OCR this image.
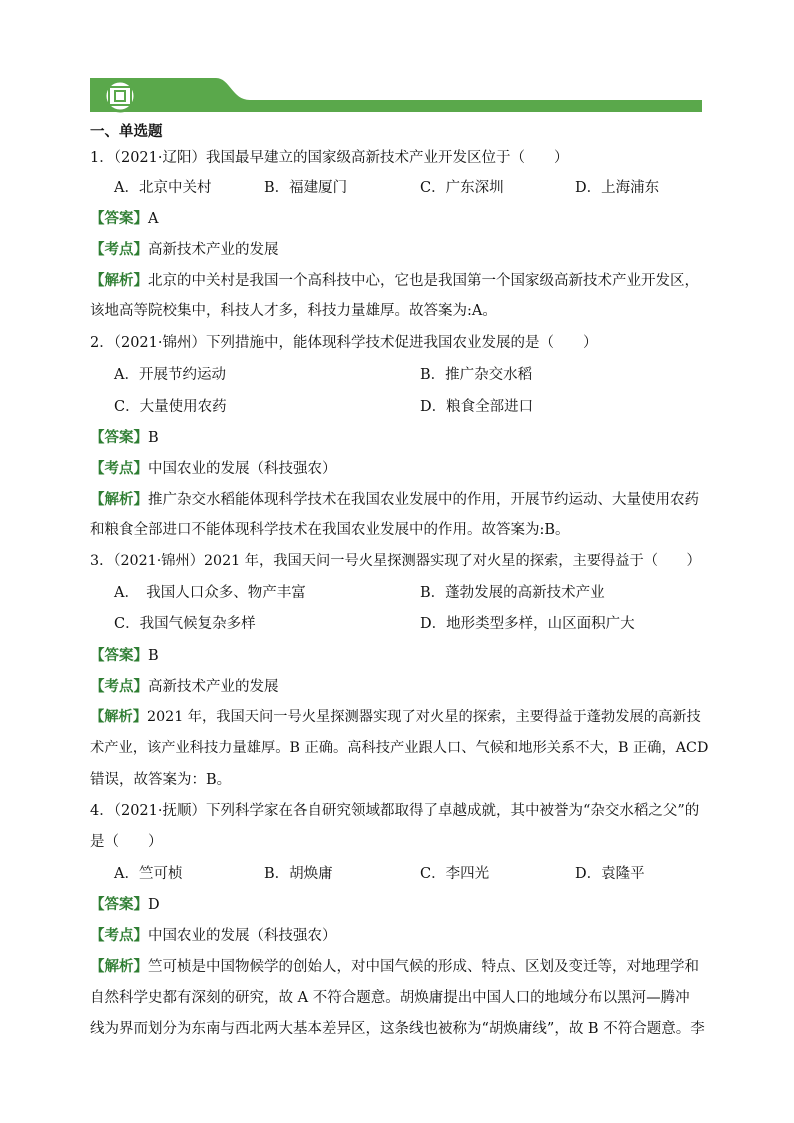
一、单选题
1．（2021·辽阳）我国最早建立的国家级高新技术产业开发区位于（　　）
A．北京中关村	B．福建厦门	C．广东深圳	D．上海浦东
【答案】A
【考点】高新技术产业的发展
【解析】北京的中关村是我国一个高科技中心，它也是我国第一个国家级高新技术产业开发区，
该地高等院校集中，科技人才多，科技力量雄厚。故答案为:A。
2．（2021·锦州）下列措施中，能体现科学技术促进我国农业发展的是（　　）
A．开展节约运动	B．推广杂交水稻
C．大量使用农药	D．粮食全部进口
【答案】B
【考点】中国农业的发展（科技强农）
【解析】推广杂交水稻能体现科学技术在我国农业发展中的作用，开展节约运动、大量使用农药
和粮食全部进口不能体现科学技术在我国农业发展中的作用。故答案为:B。
3．（2021·锦州）2021 年，我国天问一号火星探测器实现了对火星的探索，主要得益于（　　）
A．　我国人口众多、物产丰富	B．蓬勃发展的高新技术产业
C．我国气候复杂多样	D．地形类型多样，山区面积广大
【答案】B
【考点】高新技术产业的发展
【解析】2021 年，我国天问一号火星探测器实现了对火星的探索，主要得益于蓬勃发展的高新技
术产业，该产业科技力量雄厚。B 正确。高科技产业跟人口、气候和地形关系不大，B 正确，ACD
错误，故答案为：B。
4．（2021·抚顺）下列科学家在各自研究领域都取得了卓越成就，其中被誉为“杂交水稻之父”的
是（　　）
A．竺可桢	B．胡焕庸	C．李四光	D．袁隆平
【答案】D
【考点】中国农业的发展（科技强农）
【解析】竺可桢是中国物候学的创始人，对中国气候的形成、特点、区划及变迁等，对地理学和
自然科学史都有深刻的研究，故 A 不符合题意。胡焕庸提出中国人口的地域分布以黑河—腾冲
线为界而划分为东南与西北两大基本差异区，这条线也被称为“胡焕庸线”，故 B 不符合题意。李
